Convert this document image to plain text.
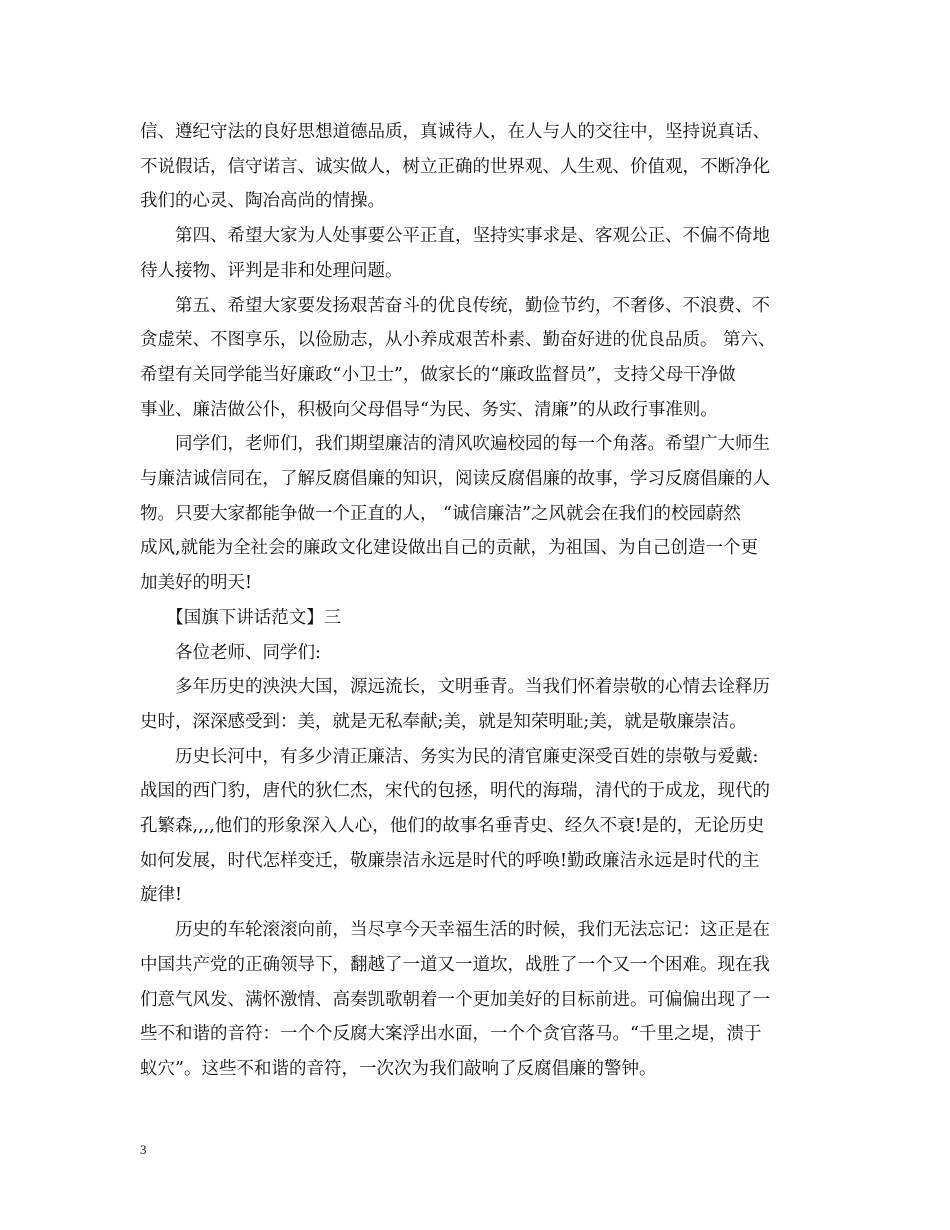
信、遵纪守法的良好思想道德品质，真诚待人，在人与人的交往中，坚持说真话、
不说假话，信守诺言、诚实做人，树立正确的世界观、人生观、价值观，不断净化
我们的心灵、陶冶高尚的情操。
　　第四、希望大家为人处事要公平正直，坚持实事求是、客观公正、不偏不倚地
待人接物、评判是非和处理问题。
　　第五、希望大家要发扬艰苦奋斗的优良传统，勤俭节约，不奢侈、不浪费、不
贪虚荣、不图享乐，以俭励志，从小养成艰苦朴素、勤奋好进的优良品质。 第六、
希望有关同学能当好廉政“小卫士”，做家长的“廉政监督员”，支持父母干净做
事业、廉洁做公仆，积极向父母倡导“为民、务实、清廉”的从政行事准则。
　　同学们，老师们，我们期望廉洁的清风吹遍校园的每一个角落。希望广大师生
与廉洁诚信同在，了解反腐倡廉的知识，阅读反腐倡廉的故事，学习反腐倡廉的人
物。只要大家都能争做一个正直的人， “诚信廉洁”之风就会在我们的校园蔚然
成风,就能为全社会的廉政文化建设做出自己的贡献，为祖国、为自己创造一个更
加美好的明天!
　　【国旗下讲话范文】三
　　各位老师、同学们:
　　多年历史的泱泱大国，源远流长，文明垂青。当我们怀着崇敬的心情去诠释历
史时，深深感受到：美，就是无私奉献;美，就是知荣明耻;美，就是敬廉崇洁。
　　历史长河中，有多少清正廉洁、务实为民的清官廉吏深受百姓的崇敬与爱戴:
战国的西门豹，唐代的狄仁杰，宋代的包拯，明代的海瑞，清代的于成龙，现代的
孔繁森,,,,他们的形象深入人心，他们的故事名垂青史、经久不衰!是的，无论历史
如何发展，时代怎样变迁，敬廉崇洁永远是时代的呼唤!勤政廉洁永远是时代的主
旋律!
　　历史的车轮滚滚向前，当尽享今天幸福生活的时候，我们无法忘记：这正是在
中国共产党的正确领导下，翻越了一道又一道坎，战胜了一个又一个困难。现在我
们意气风发、满怀激情、高奏凯歌朝着一个更加美好的目标前进。可偏偏出现了一
些不和谐的音符：一个个反腐大案浮出水面，一个个贪官落马。“千里之堤，溃于
蚁穴”。这些不和谐的音符，一次次为我们敲响了反腐倡廉的警钟。
3
